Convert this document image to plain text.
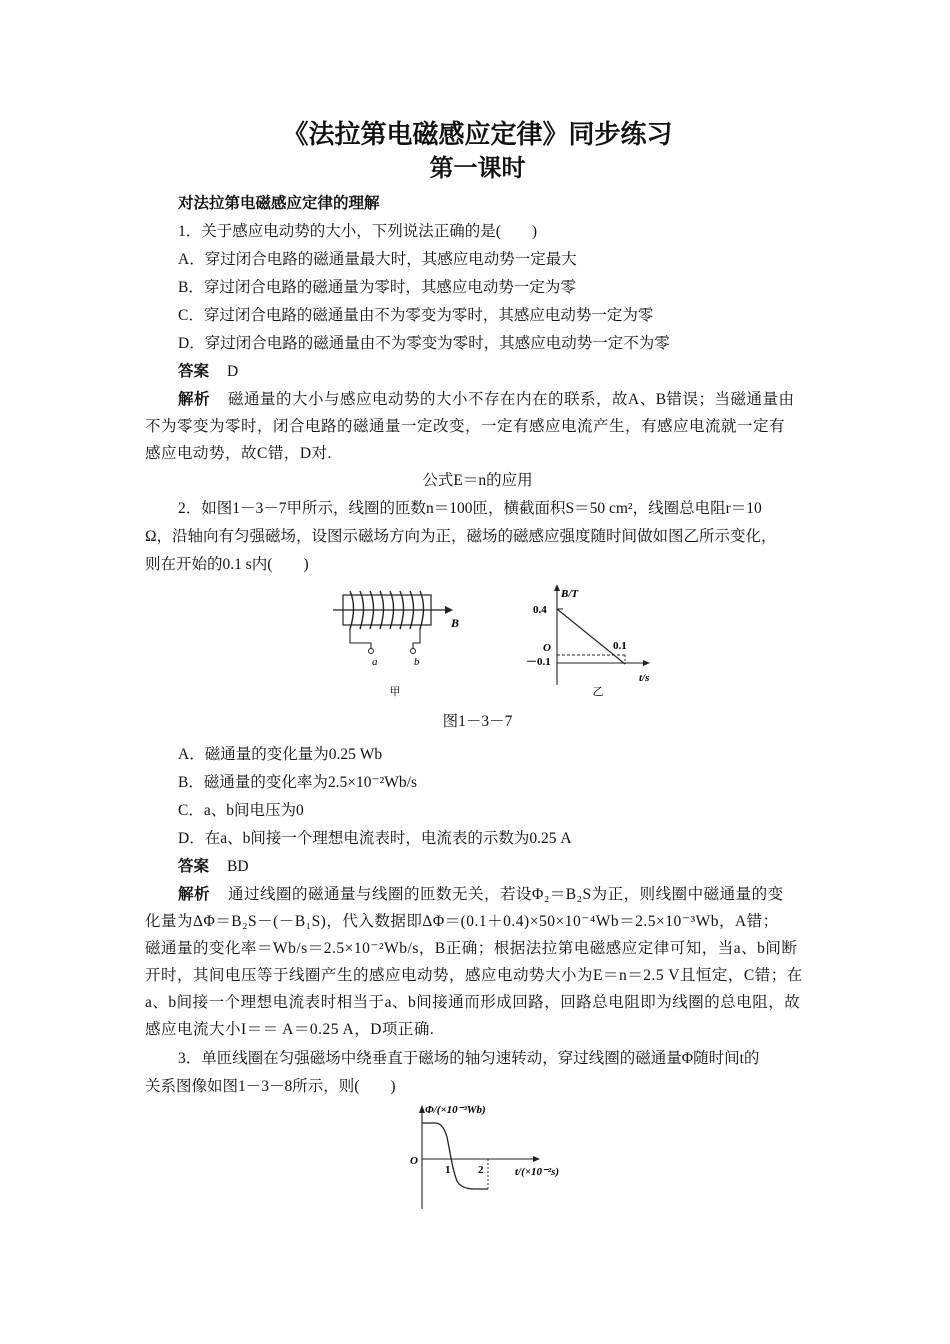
《法拉第电磁感应定律》同步练习

第一课时

对法拉第电磁感应定律的理解

1．关于感应电动势的大小，下列说法正确的是(　　)

A．穿过闭合电路的磁通量最大时，其感应电动势一定最大

B．穿过闭合电路的磁通量为零时，其感应电动势一定为零

C．穿过闭合电路的磁通量由不为零变为零时，其感应电动势一定为零

D．穿过闭合电路的磁通量由不为零变为零时，其感应电动势一定不为零

答案 D

解析 磁通量的大小与感应电动势的大小不存在内在的联系，故A、B错误；当磁通量由

不为零变为零时，闭合电路的磁通量一定改变，一定有感应电流产生，有感应电流就一定有

感应电动势，故C错，D对.

公式E＝n的应用

2．如图1－3－7甲所示，线圈的匝数n＝100匝，横截面积S＝50 cm²，线圈总电阻r＝10

Ω，沿轴向有匀强磁场，设图示磁场方向为正，磁场的磁感应强度随时间做如图乙所示变化，

则在开始的0.1 s内(　　)

B
a	b
甲
B/T
0.4
O
－0.1
0.1
t/s
乙

图1－3－7

A．磁通量的变化量为0.25 Wb

B．磁通量的变化率为2.5×10⁻²Wb/s

C．a、b间电压为0

D．在a、b间接一个理想电流表时，电流表的示数为0.25 A

答案 BD

解析 通过线圈的磁通量与线圈的匝数无关，若设Φ₂＝B₂S为正，则线圈中磁通量的变

化量为ΔΦ＝B₂S－(－B₁S)，代入数据即ΔΦ＝(0.1＋0.4)×50×10⁻⁴Wb＝2.5×10⁻³Wb，A错；

磁通量的变化率＝Wb/s＝2.5×10⁻²Wb/s，B正确；根据法拉第电磁感应定律可知，当a、b间断

开时，其间电压等于线圈产生的感应电动势，感应电动势大小为E＝n＝2.5 V且恒定，C错；在

a、b间接一个理想电流表时相当于a、b间接通而形成回路，回路总电阻即为线圈的总电阻，故

感应电流大小I＝＝ A＝0.25 A，D项正确.

3．单匝线圈在匀强磁场中绕垂直于磁场的轴匀速转动，穿过线圈的磁通量Φ随时间t的

关系图像如图1－3－8所示，则(　　)

Φ/(×10⁻³Wb)
O
1	2	t/(×10⁻²s)
